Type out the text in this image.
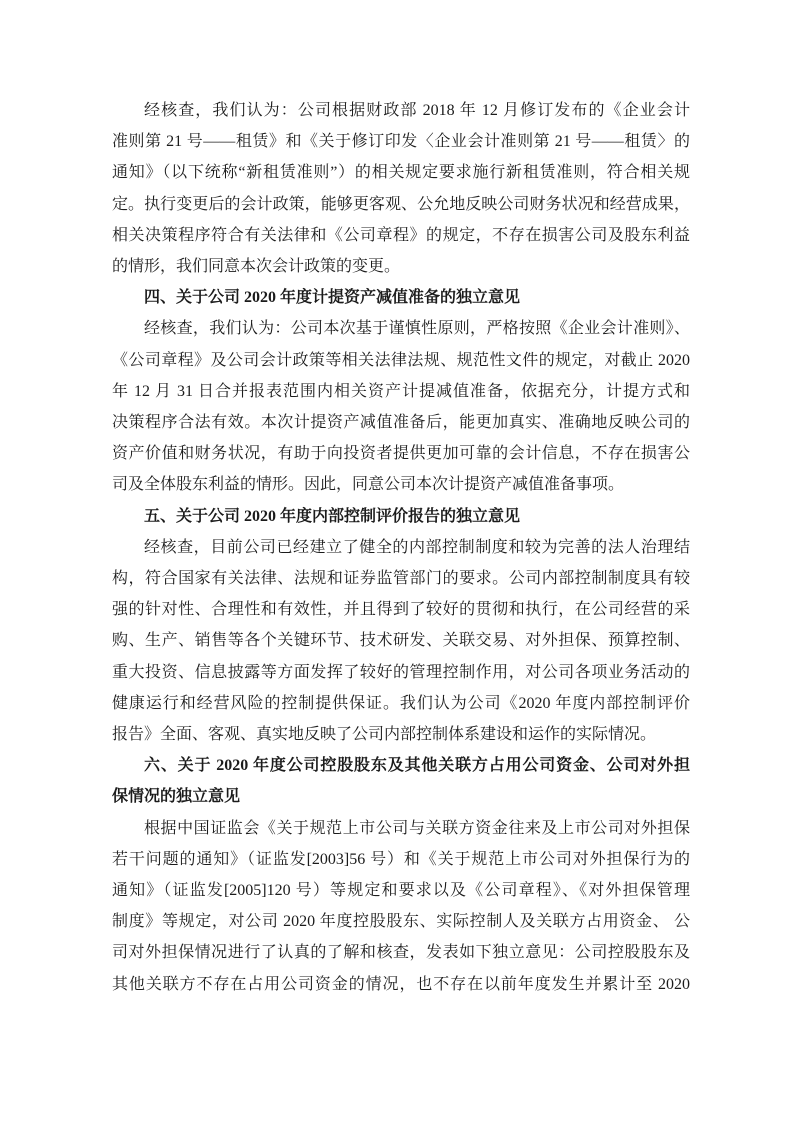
经核查，我们认为：公司根据财政部 2018 年 12 月修订发布的《企业会计
准则第 21 号——租赁》和《关于修订印发〈企业会计准则第 21 号——租赁〉的
通知》（以下统称“新租赁准则”）的相关规定要求施行新租赁准则，符合相关规
定。执行变更后的会计政策，能够更客观、公允地反映公司财务状况和经营成果，
相关决策程序符合有关法律和《公司章程》的规定，不存在损害公司及股东利益
的情形，我们同意本次会计政策的变更。
四、关于公司 2020 年度计提资产减值准备的独立意见
经核查，我们认为：公司本次基于谨慎性原则，严格按照《企业会计准则》、
《公司章程》及公司会计政策等相关法律法规、规范性文件的规定，对截止 2020
年 12 月 31 日合并报表范围内相关资产计提减值准备，依据充分，计提方式和
决策程序合法有效。本次计提资产减值准备后，能更加真实、准确地反映公司的
资产价值和财务状况，有助于向投资者提供更加可靠的会计信息，不存在损害公
司及全体股东利益的情形。因此，同意公司本次计提资产减值准备事项。
五、关于公司 2020 年度内部控制评价报告的独立意见
经核查，目前公司已经建立了健全的内部控制制度和较为完善的法人治理结
构，符合国家有关法律、法规和证券监管部门的要求。公司内部控制制度具有较
强的针对性、合理性和有效性，并且得到了较好的贯彻和执行，在公司经营的采
购、生产、销售等各个关键环节、技术研发、关联交易、对外担保、预算控制、
重大投资、信息披露等方面发挥了较好的管理控制作用，对公司各项业务活动的
健康运行和经营风险的控制提供保证。我们认为公司《2020 年度内部控制评价
报告》全面、客观、真实地反映了公司内部控制体系建设和运作的实际情况。
六、关于 2020 年度公司控股股东及其他关联方占用公司资金、公司对外担
保情况的独立意见
根据中国证监会《关于规范上市公司与关联方资金往来及上市公司对外担保
若干问题的通知》（证监发[2003]56 号）和《关于规范上市公司对外担保行为的
通知》（证监发[2005]120 号）等规定和要求以及《公司章程》、《对外担保管理
制度》等规定，对公司 2020 年度控股股东、实际控制人及关联方占用资金、 公
司对外担保情况进行了认真的了解和核查，发表如下独立意见：公司控股股东及
其他关联方不存在占用公司资金的情况，也不存在以前年度发生并累计至 2020
